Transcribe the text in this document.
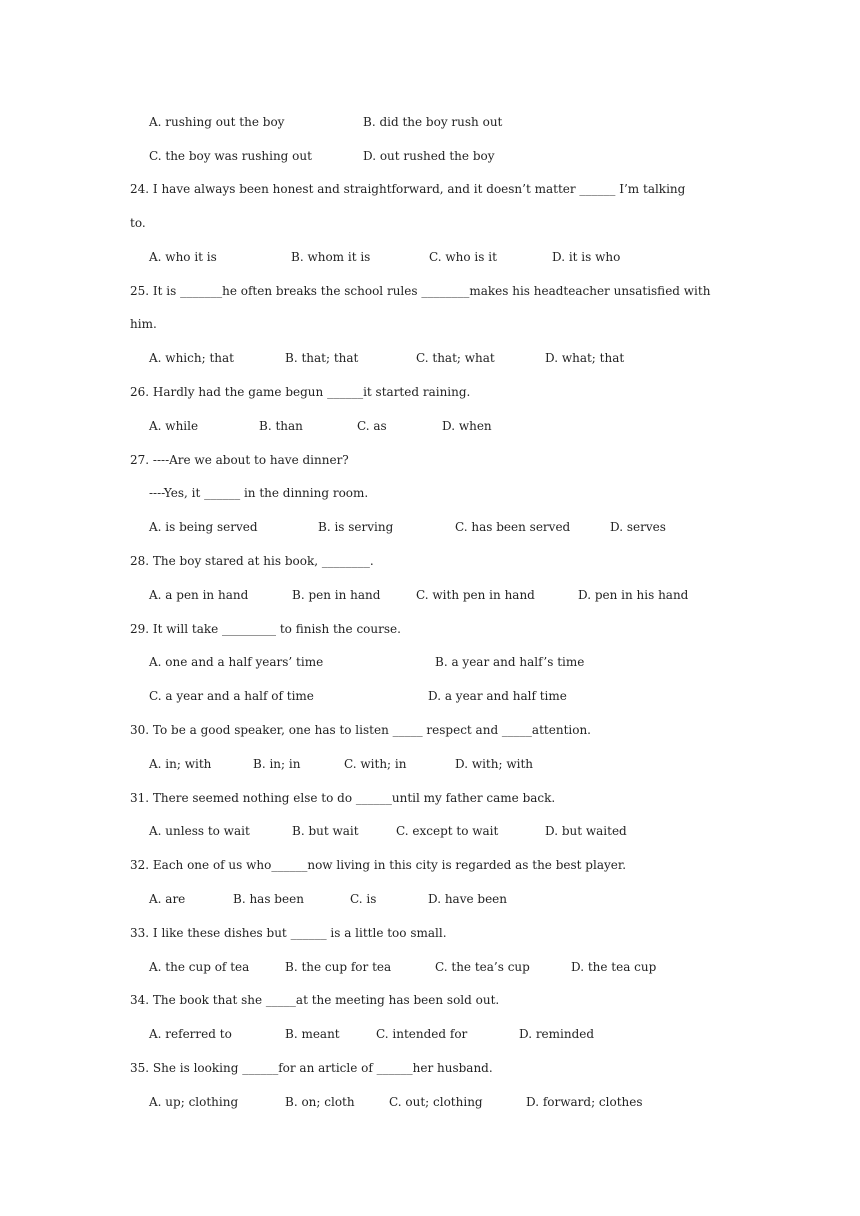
A. rushing out the boy	B. did the boy rush out
C. the boy was rushing out	D. out rushed the boy
24. I have always been honest and straightforward, and it doesn’t matter ______ I’m talking
to.
A. who it is	B. whom it is	C. who is it	D. it is who
25. It is _______he often breaks the school rules ________makes his headteacher unsatisfied with
him.
A. which; that	B. that; that	C. that; what	D. what; that
26. Hardly had the game begun ______it started raining.
A. while	B. than	C. as	D. when
27. ----Are we about to have dinner?
----Yes, it ______ in the dinning room.
A. is being served	B. is serving	C. has been served	D. serves
28. The boy stared at his book, ________.
A. a pen in hand	B. pen in hand	C. with pen in hand	D. pen in his hand
29. It will take _________ to finish the course.
A. one and a half years’ time	B. a year and half’s time
C. a year and a half of time	D. a year and half time
30. To be a good speaker, one has to listen _____ respect and _____attention.
A. in; with	B. in; in	C. with; in	D. with; with
31. There seemed nothing else to do ______until my father came back.
A. unless to wait	B. but wait	C. except to wait	D. but waited
32. Each one of us who______now living in this city is regarded as the best player.
A. are	B. has been	C. is	D. have been
33. I like these dishes but ______ is a little too small.
A. the cup of tea	B. the cup for tea	C. the tea’s cup	D. the tea cup
34. The book that she _____at the meeting has been sold out.
A. referred to	B. meant	C. intended for	D. reminded
35. She is looking ______for an article of ______her husband.
A. up; clothing	B. on; cloth	C. out; clothing	D. forward; clothes
